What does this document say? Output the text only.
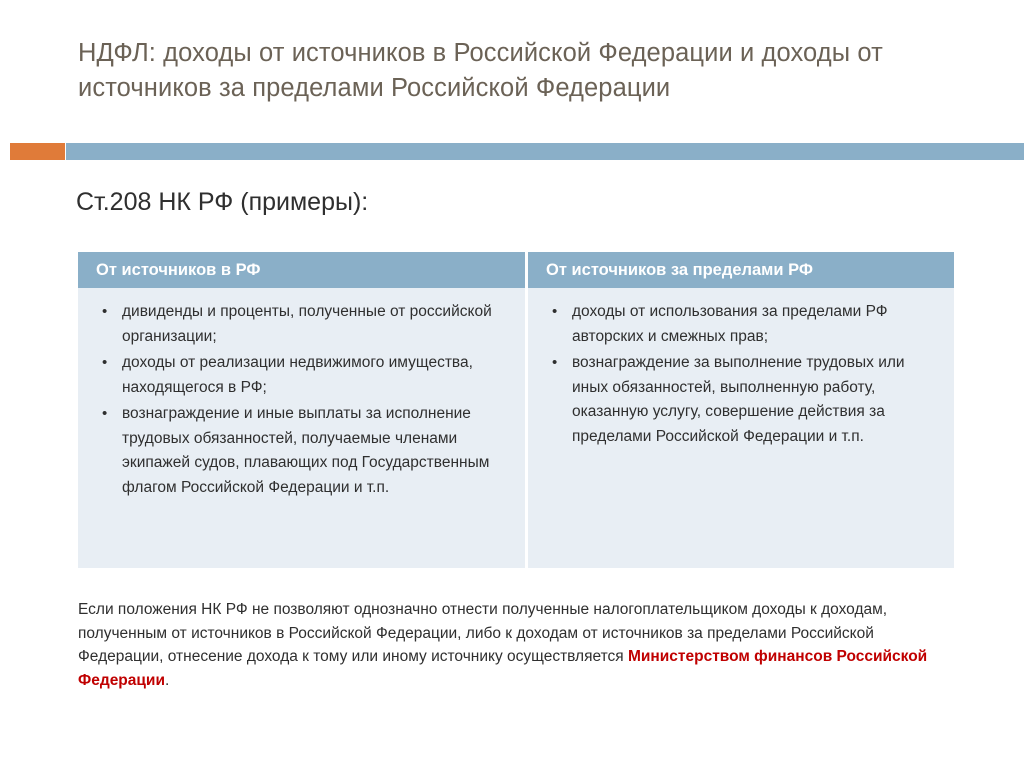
НДФЛ: доходы от источников в Российской Федерации и доходы от источников за пределами Российской Федерации
Ст.208 НК РФ (примеры):
От источников в РФ	От источников за пределами РФ
• дивиденды и проценты, полученные от российской организации;
• доходы от реализации недвижимого имущества, находящегося в РФ;
• вознаграждение и иные выплаты за исполнение трудовых обязанностей, получаемые членами экипажей судов, плавающих под Государственным флагом Российской Федерации и т.п.
• доходы от использования за пределами РФ авторских и смежных прав;
• вознаграждение за выполнение трудовых или иных обязанностей, выполненную работу, оказанную услугу, совершение действия за пределами Российской Федерации и т.п.
Если положения НК РФ не позволяют однозначно отнести полученные налогоплательщиком доходы к доходам, полученным от источников в Российской Федерации, либо к доходам от источников за пределами Российской Федерации, отнесение дохода к тому или иному источнику осуществляется Министерством финансов Российской Федерации.
